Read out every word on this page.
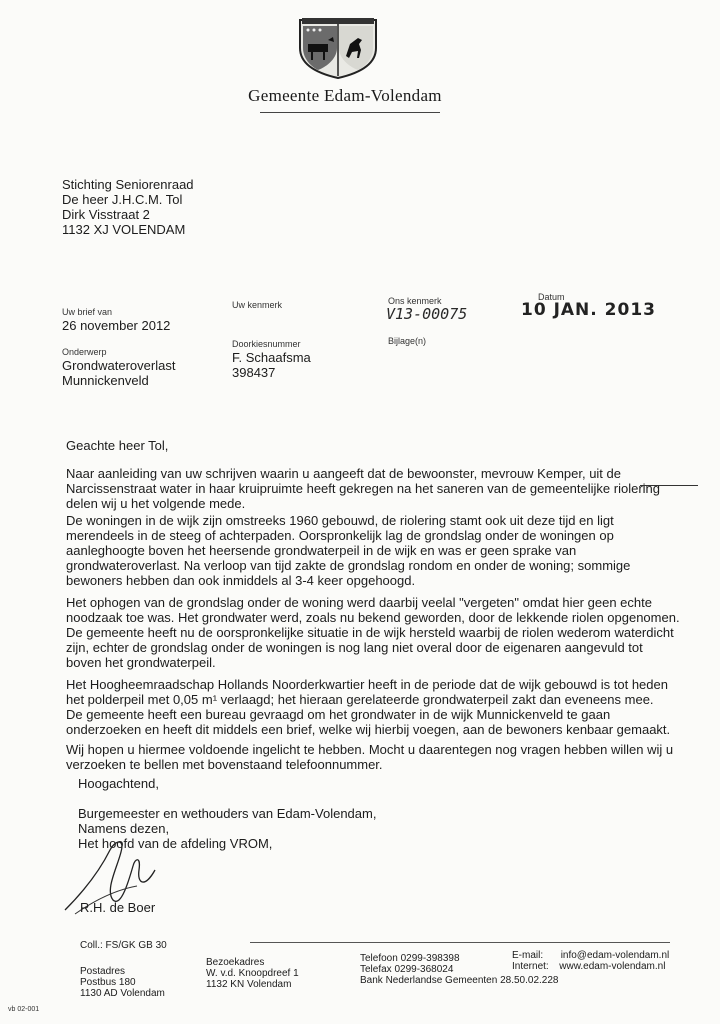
Gemeente Edam-Volendam
Stichting Seniorenraad
De heer J.H.C.M. Tol
Dirk Visstraat 2
1132 XJ VOLENDAM
Uw brief van
26 november 2012
Uw kenmerk	Ons kenmerk
V13-00075
Datum
10 JAN. 2013
Onderwerp
Grondwateroverlast
Munnickenveld
Doorkiesnummer
F. Schaafsma
398437
Bijlage(n)
Geachte heer Tol,
Naar aanleiding van uw schrijven waarin u aangeeft dat de bewoonster, mevrouw Kemper, uit de
Narcissenstraat water in haar kruipruimte heeft gekregen na het saneren van de gemeentelijke riolering
delen wij u het volgende mede.
De woningen in de wijk zijn omstreeks 1960 gebouwd, de riolering stamt ook uit deze tijd en ligt
merendeels in de steeg of achterpaden. Oorspronkelijk lag de grondslag onder de woningen op
aanleghoogte boven het heersende grondwaterpeil in de wijk en was er geen sprake van
grondwateroverlast. Na verloop van tijd zakte de grondslag rondom en onder de woning; sommige
bewoners hebben dan ook inmiddels al 3-4 keer opgehoogd.
Het ophogen van de grondslag onder de woning werd daarbij veelal "vergeten" omdat hier geen echte
noodzaak toe was. Het grondwater werd, zoals nu bekend geworden, door de lekkende riolen opgenomen.
De gemeente heeft nu de oorspronkelijke situatie in de wijk hersteld waarbij de riolen wederom waterdicht
zijn, echter de grondslag onder de woningen is nog lang niet overal door de eigenaren aangevuld tot
boven het grondwaterpeil.
Het Hoogheemraadschap Hollands Noorderkwartier heeft in de periode dat de wijk gebouwd is tot heden
het polderpeil met 0,05 m¹ verlaagd; het hieraan gerelateerde grondwaterpeil zakt dan eveneens mee.
De gemeente heeft een bureau gevraagd om het grondwater in de wijk Munnickenveld te gaan
onderzoeken en heeft dit middels een brief, welke wij hierbij voegen, aan de bewoners kenbaar gemaakt.
Wij hopen u hiermee voldoende ingelicht te hebben. Mocht u daarentegen nog vragen hebben willen wij u
verzoeken te bellen met bovenstaand telefoonnummer.
Hoogachtend,
Burgemeester en wethouders van Edam-Volendam,
Namens dezen,
Het hoofd van de afdeling VROM,
R.H. de Boer
Coll.: FS/GK GB 30
Postadres
Postbus 180
1130 AD Volendam
Bezoekadres
W. v.d. Knoopdreef 1
1132 KN Volendam
Telefoon 0299-398398
Telefax 0299-368024
Bank Nederlandse Gemeenten 28.50.02.228
E-mail: info@edam-volendam.nl
Internet: www.edam-volendam.nl
vb 02-001
